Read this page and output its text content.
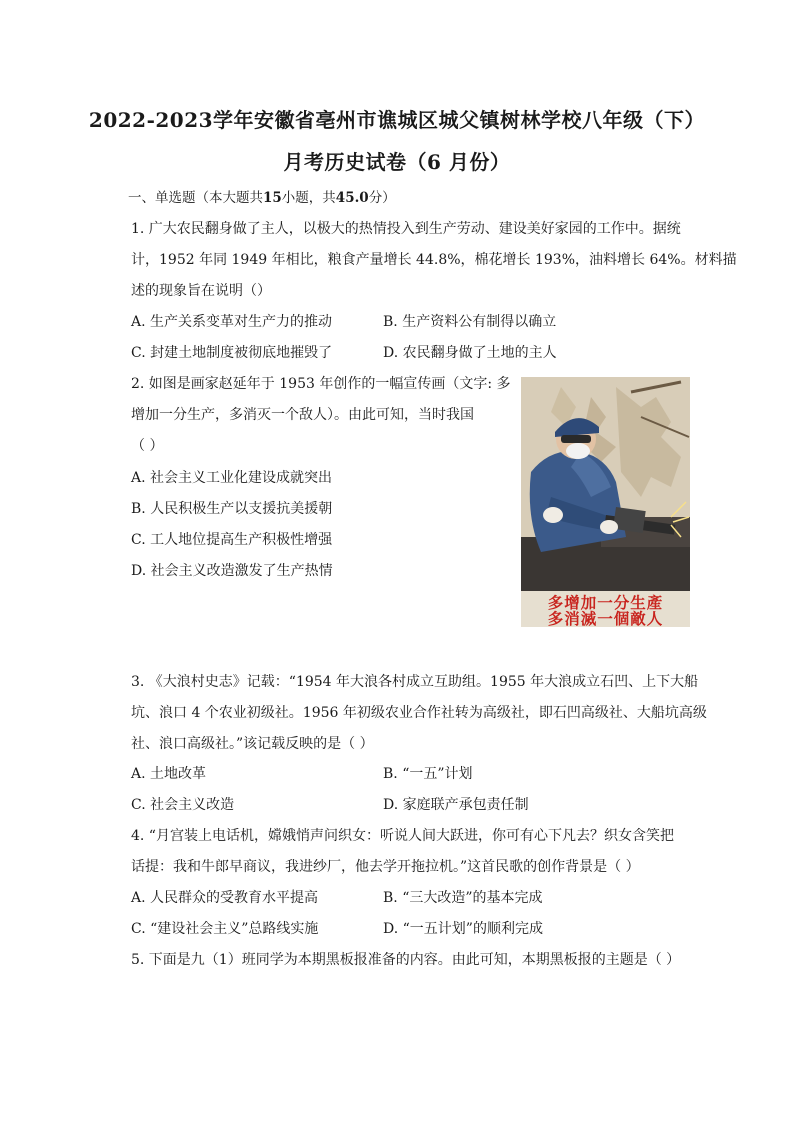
2022-2023学年安徽省亳州市谯城区城父镇树林学校八年级（下）
月考历史试卷（6 月份）
一、单选题（本大题共15小题，共45.0分）
1. 广大农民翻身做了主人，以极大的热情投入到生产劳动、建设美好家园的工作中。据统
计，1952 年同 1949 年相比，粮食产量增长 44.8%，棉花增长 193%，油料增长 64%。材料描
述的现象旨在说明（）
A. 生产关系变革对生产力的推动	B. 生产资料公有制得以确立
C. 封建土地制度被彻底地摧毁了	D. 农民翻身做了土地的主人
2. 如图是画家赵延年于 1953 年创作的一幅宣传画（文字: 多
增加一分生产，多消灭一个敌人）。由此可知，当时我国
（ ）
A. 社会主义工业化建设成就突出
B. 人民积极生产以支援抗美援朝
C. 工人地位提高生产积极性增强
D. 社会主义改造激发了生产热情
多增加一分生產
多消滅一個敵人
3. 《大浪村史志》记载：“1954 年大浪各村成立互助组。1955 年大浪成立石凹、上下大船
坑、浪口 4 个农业初级社。1956 年初级农业合作社转为高级社，即石凹高级社、大船坑高级
社、浪口高级社。”该记载反映的是（ ）
A. 土地改革	B. “一五”计划
C. 社会主义改造	D. 家庭联产承包责任制
4. “月宫装上电话机，嫦娥悄声问织女：听说人间大跃进，你可有心下凡去？织女含笑把
话提：我和牛郎早商议，我进纱厂，他去学开拖拉机。”这首民歌的创作背景是（ ）
A. 人民群众的受教育水平提高	B. “三大改造”的基本完成
C. “建设社会主义”总路线实施	D. “一五计划”的顺利完成
5. 下面是九（1）班同学为本期黑板报准备的内容。由此可知，本期黑板报的主题是（ ）
